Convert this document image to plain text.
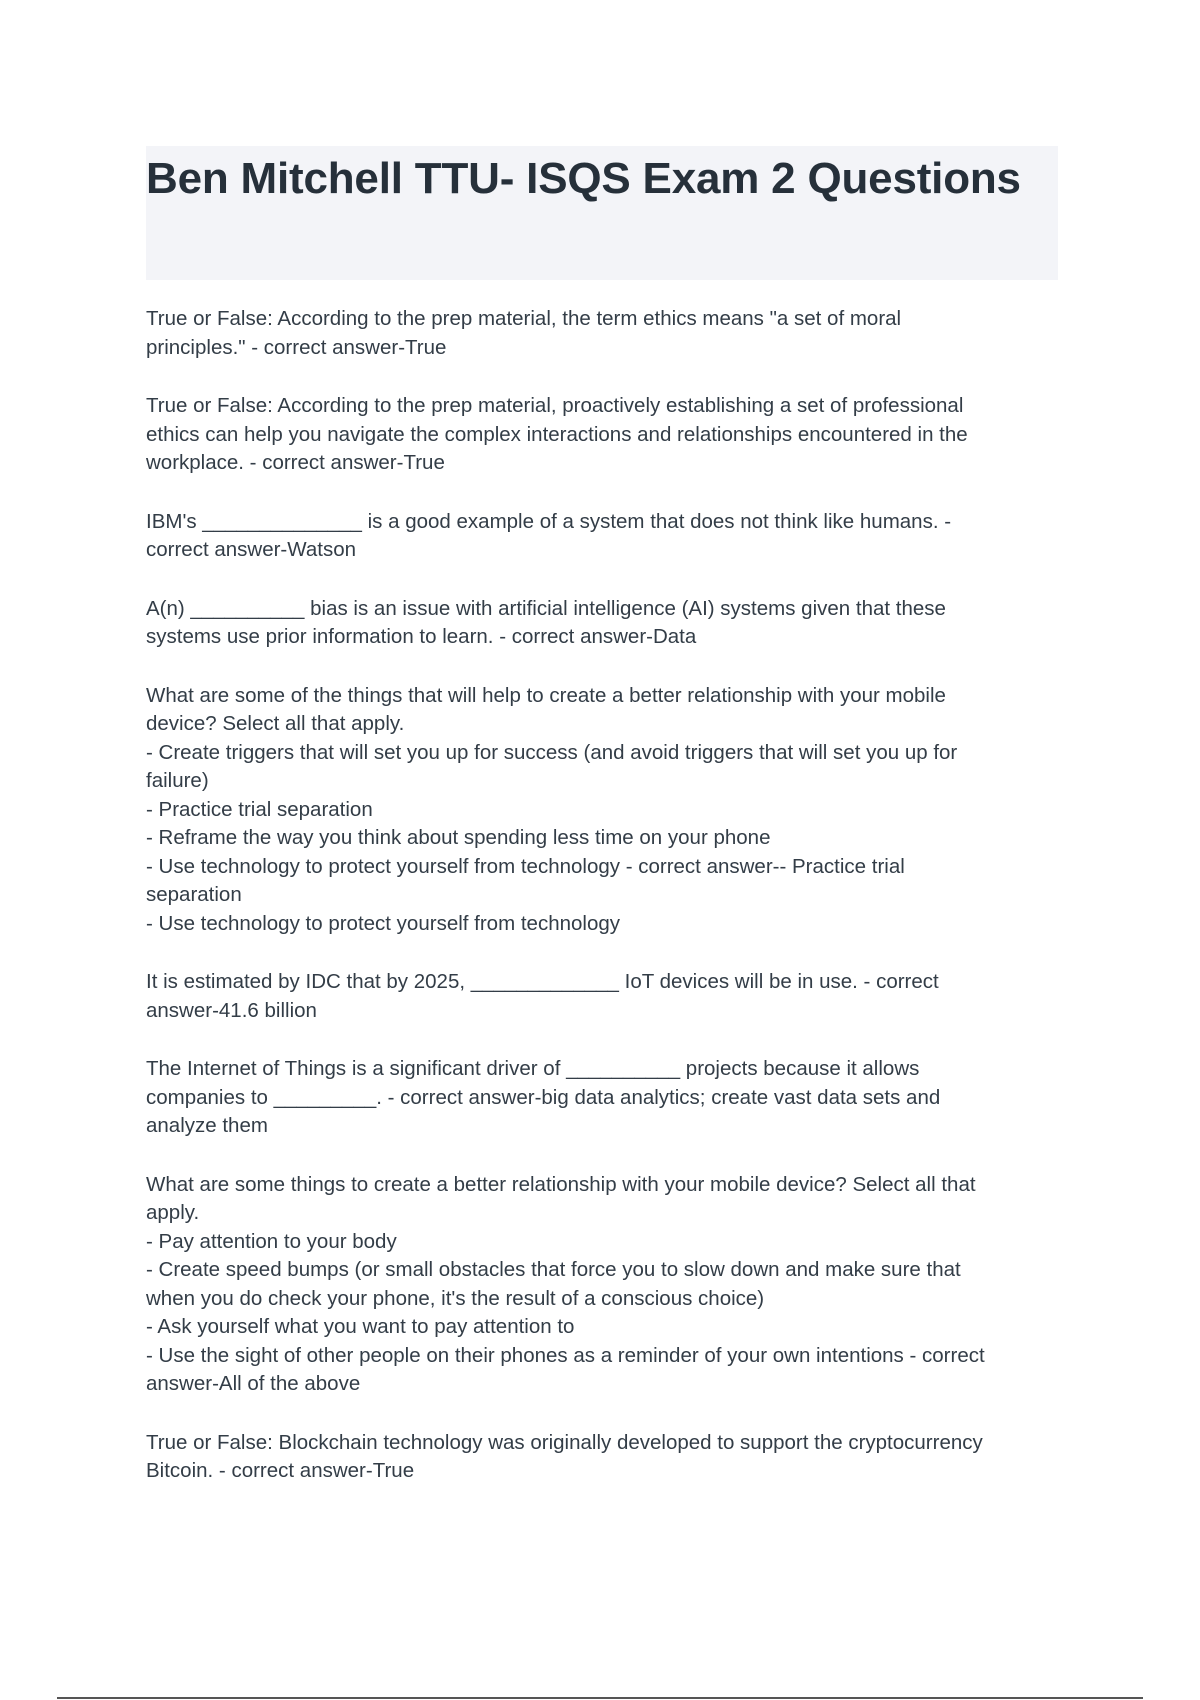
Ben Mitchell TTU- ISQS Exam 2 Questions

True or False: According to the prep material, the term ethics means "a set of moral
principles." - correct answer-True

True or False: According to the prep material, proactively establishing a set of professional
ethics can help you navigate the complex interactions and relationships encountered in the
workplace. - correct answer-True

IBM's ______________ is a good example of a system that does not think like humans. -
correct answer-Watson

A(n) __________ bias is an issue with artificial intelligence (AI) systems given that these
systems use prior information to learn. - correct answer-Data

What are some of the things that will help to create a better relationship with your mobile
device? Select all that apply.
- Create triggers that will set you up for success (and avoid triggers that will set you up for
failure)
- Practice trial separation
- Reframe the way you think about spending less time on your phone
- Use technology to protect yourself from technology - correct answer-- Practice trial
separation
- Use technology to protect yourself from technology

It is estimated by IDC that by 2025, _____________ IoT devices will be in use. - correct
answer-41.6 billion

The Internet of Things is a significant driver of __________ projects because it allows
companies to _________. - correct answer-big data analytics; create vast data sets and
analyze them

What are some things to create a better relationship with your mobile device? Select all that
apply.
- Pay attention to your body
- Create speed bumps (or small obstacles that force you to slow down and make sure that
when you do check your phone, it's the result of a conscious choice)
- Ask yourself what you want to pay attention to
- Use the sight of other people on their phones as a reminder of your own intentions - correct
answer-All of the above

True or False: Blockchain technology was originally developed to support the cryptocurrency
Bitcoin. - correct answer-True
